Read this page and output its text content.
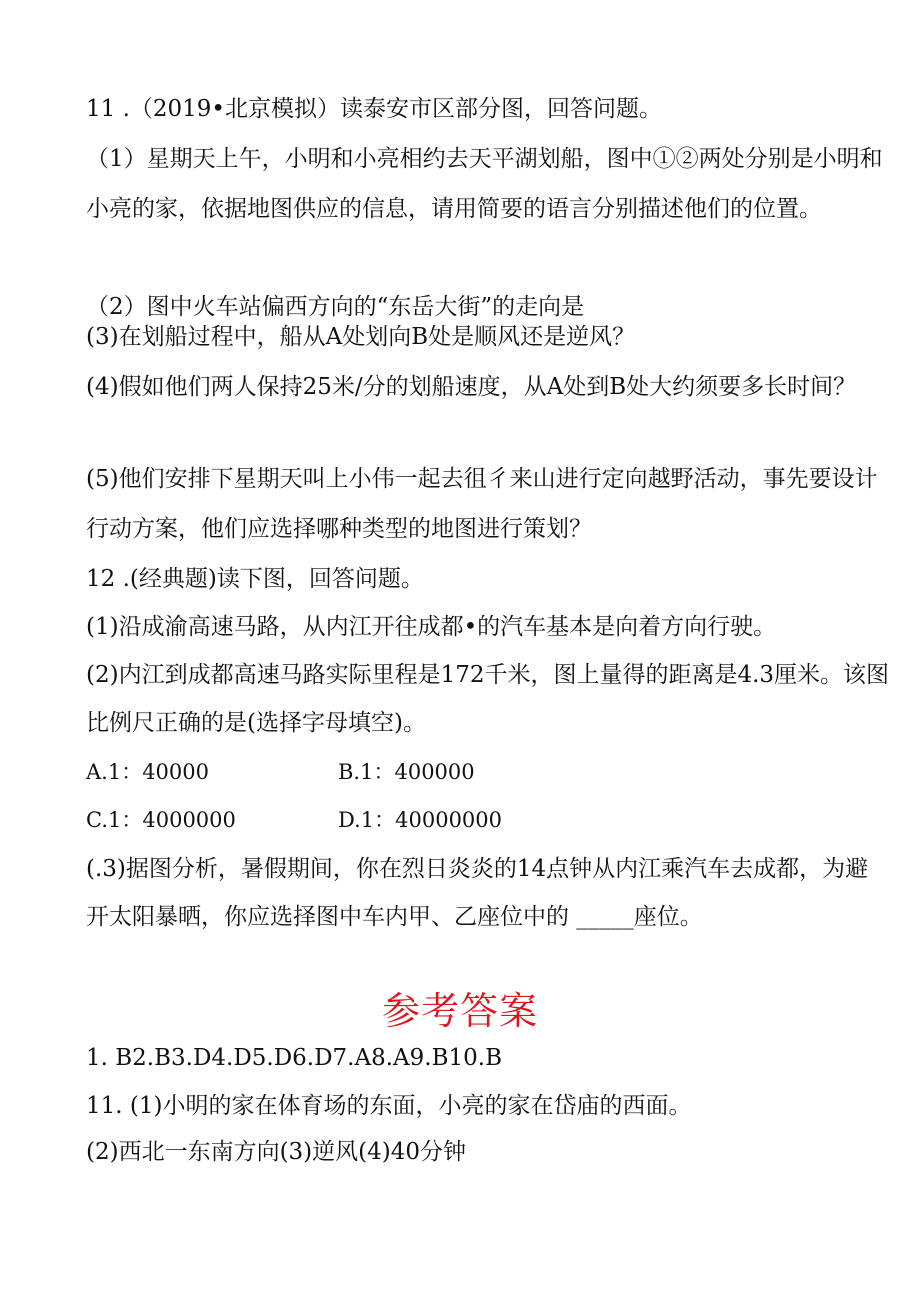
11 .（2019•北京模拟）读泰安市区部分图，回答问题。
（1）星期天上午，小明和小亮相约去天平湖划船，图中①②两处分别是小明和
小亮的家，依据地图供应的信息，请用简要的语言分别描述他们的位置。
（2）图中火车站偏西方向的“东岳大街”的走向是
(3)在划船过程中，船从A处划向B处是顺风还是逆风？
(4)假如他们两人保持25米/分的划船速度，从A处到B处大约须要多长时间？
(5)他们安排下星期天叫上小伟一起去徂彳来山进行定向越野活动，事先要设计
行动方案，他们应选择哪种类型的地图进行策划？
12 .(经典题)读下图，回答问题。
(1)沿成渝高速马路，从内江开往成都•的汽车基本是向着方向行驶。
(2)内江到成都高速马路实际里程是172千米，图上量得的距离是4.3厘米。该图
比例尺正确的是(选择字母填空)。
A.1：40000	B.1：400000
C.1：4000000	D.1：40000000
(.3)据图分析，暑假期间，你在烈日炎炎的14点钟从内江乘汽车去成都，为避
开太阳暴晒，你应选择图中车内甲、乙座位中的 _____座位。
参考答案
1. B2.B3.D4.D5.D6.D7.A8.A9.B10.B
11. (1)小明的家在体育场的东面，小亮的家在岱庙的西面。
(2)西北一东南方向(3)逆风(4)40分钟
